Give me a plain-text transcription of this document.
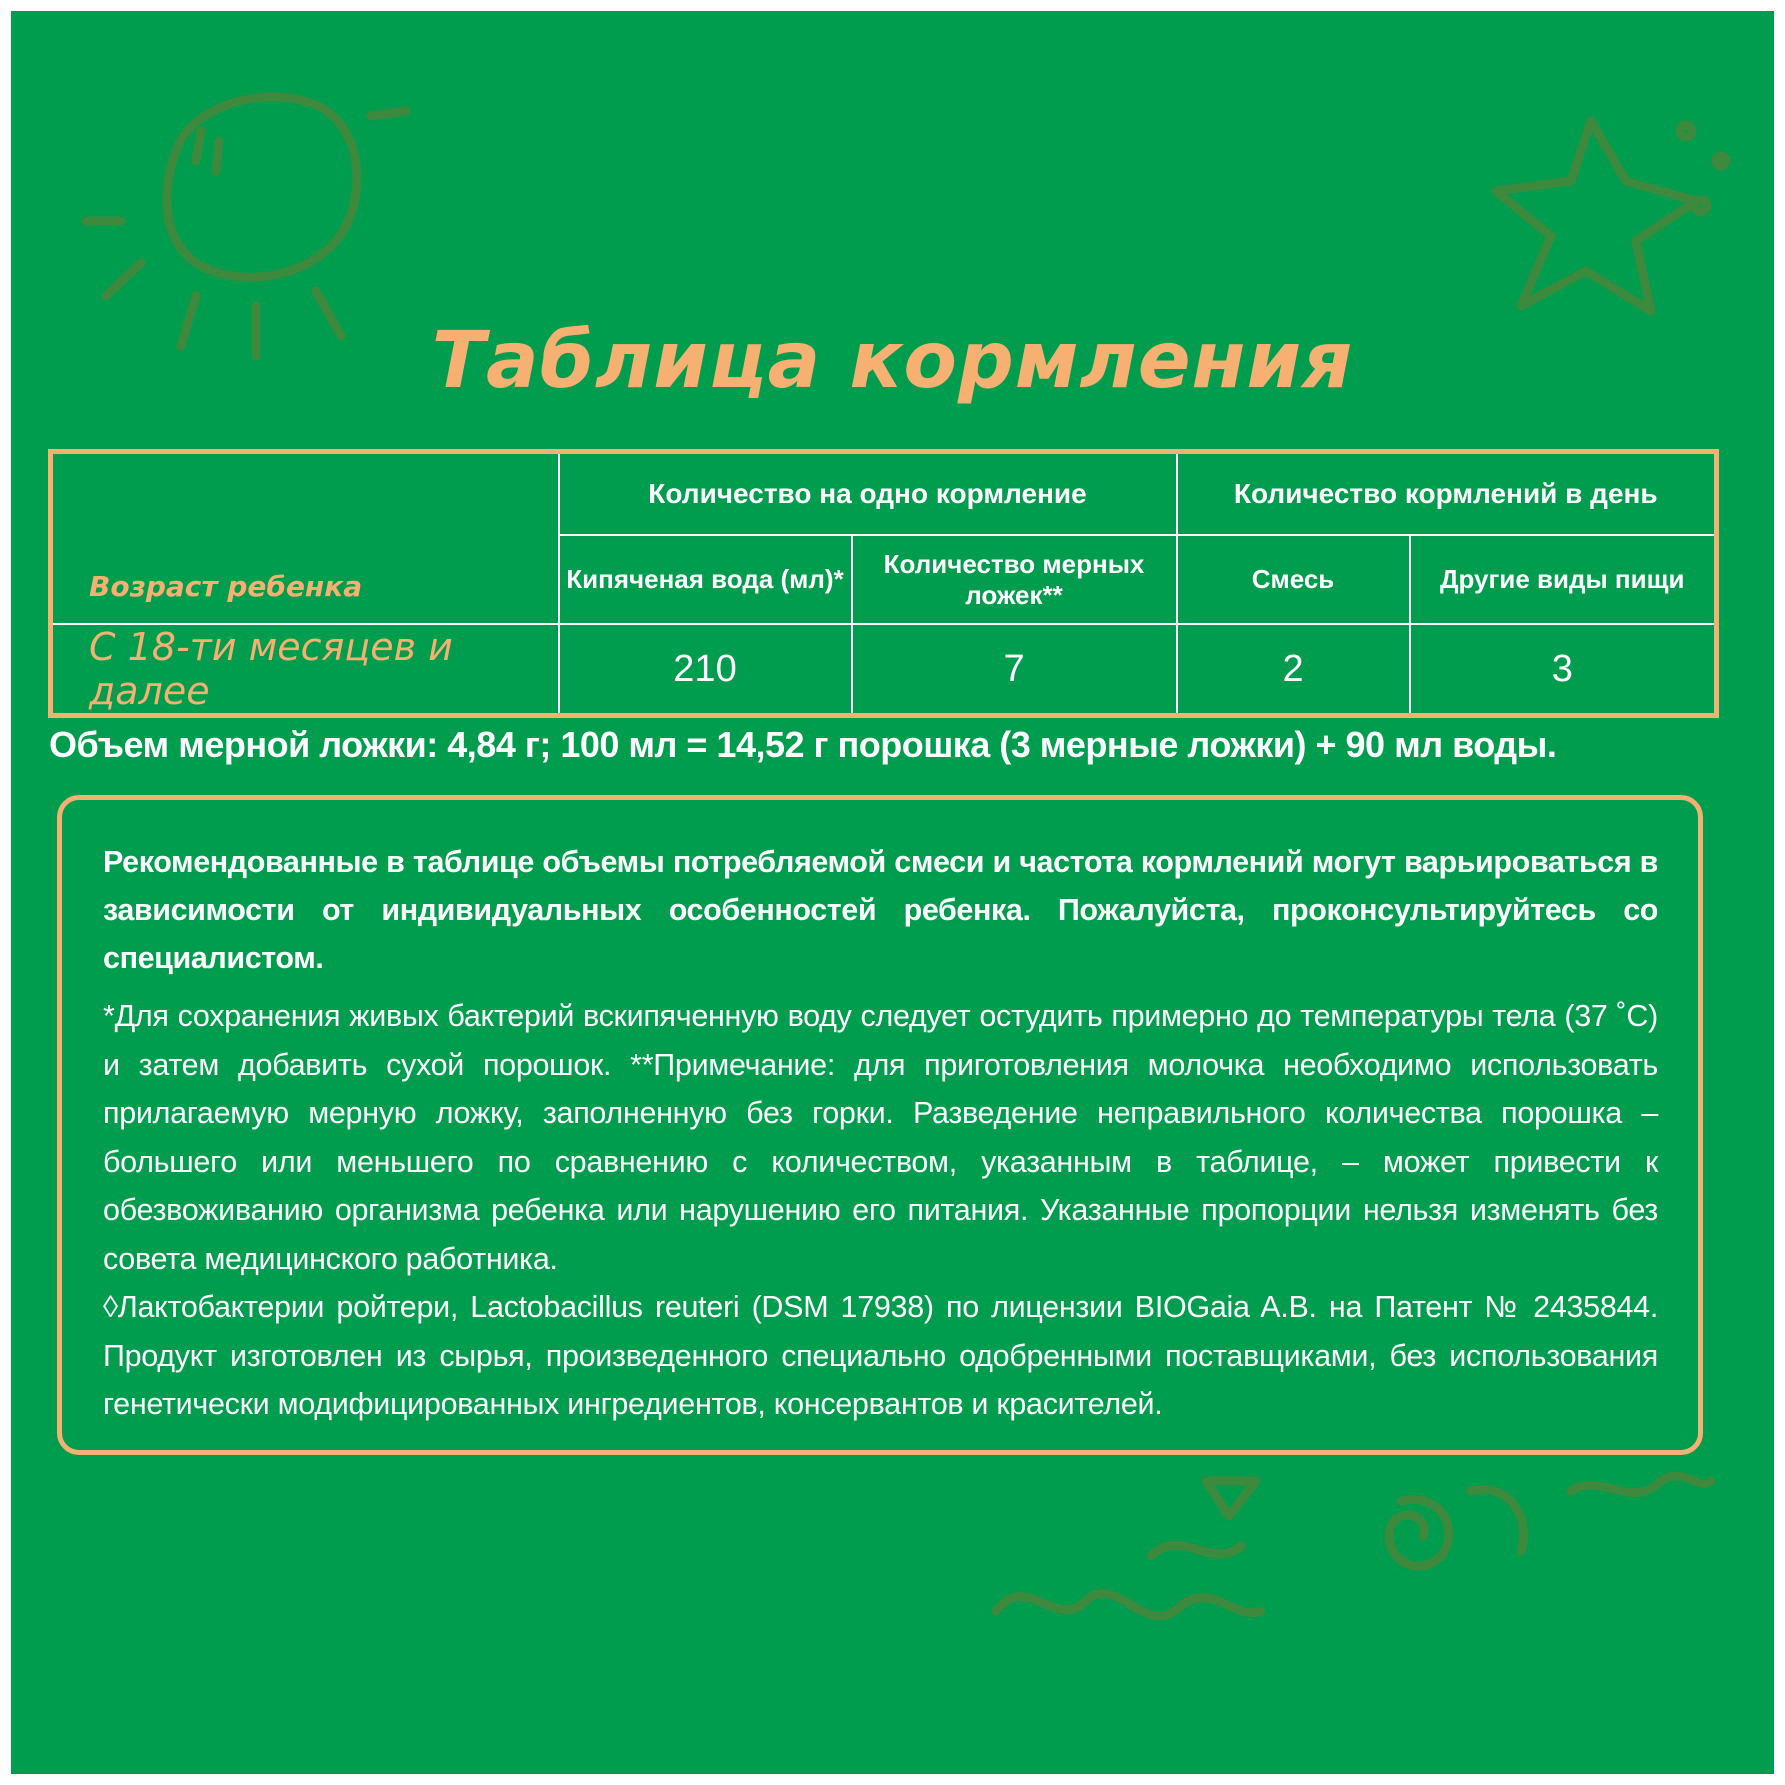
Таблица кормления
Возраст ребенка	Количество на одно кормление		Количество кормлений в день	
	Кипяченая вода (мл)*	Количество мерных ложек**	Смесь	Другие виды пищи
С 18-ти месяцев и далее	210	7	2	3
Объем мерной ложки: 4,84 г; 100 мл = 14,52 г порошка (3 мерные ложки) + 90 мл воды.

Рекомендованные в таблице объемы потребляемой смеси и частота кормлений могут варьироваться в зависимости от индивидуальных особенностей ребенка. Пожалуйста, проконсультируйтесь со специалистом.

*Для сохранения живых бактерий вскипяченную воду следует остудить примерно до температуры тела (37 ˚С) и затем добавить сухой порошок. **Примечание: для приготовления молочка необходимо использовать прилагаемую мерную ложку, заполненную без горки. Разведение неправильного количества порошка – большего или меньшего по сравнению с количеством, указанным в таблице, – может привести к обезвоживанию организма ребенка или нарушению его питания. Указанные пропорции нельзя изменять без совета медицинского работника.

◊Лактобактерии ройтери, Lactobacillus reuteri (DSM 17938) по лицензии BIOGaia A.B. на Патент № 2435844. Продукт изготовлен из сырья, произведенного специально одобренными поставщиками, без использования генетически модифицированных ингредиентов, консервантов и красителей.
